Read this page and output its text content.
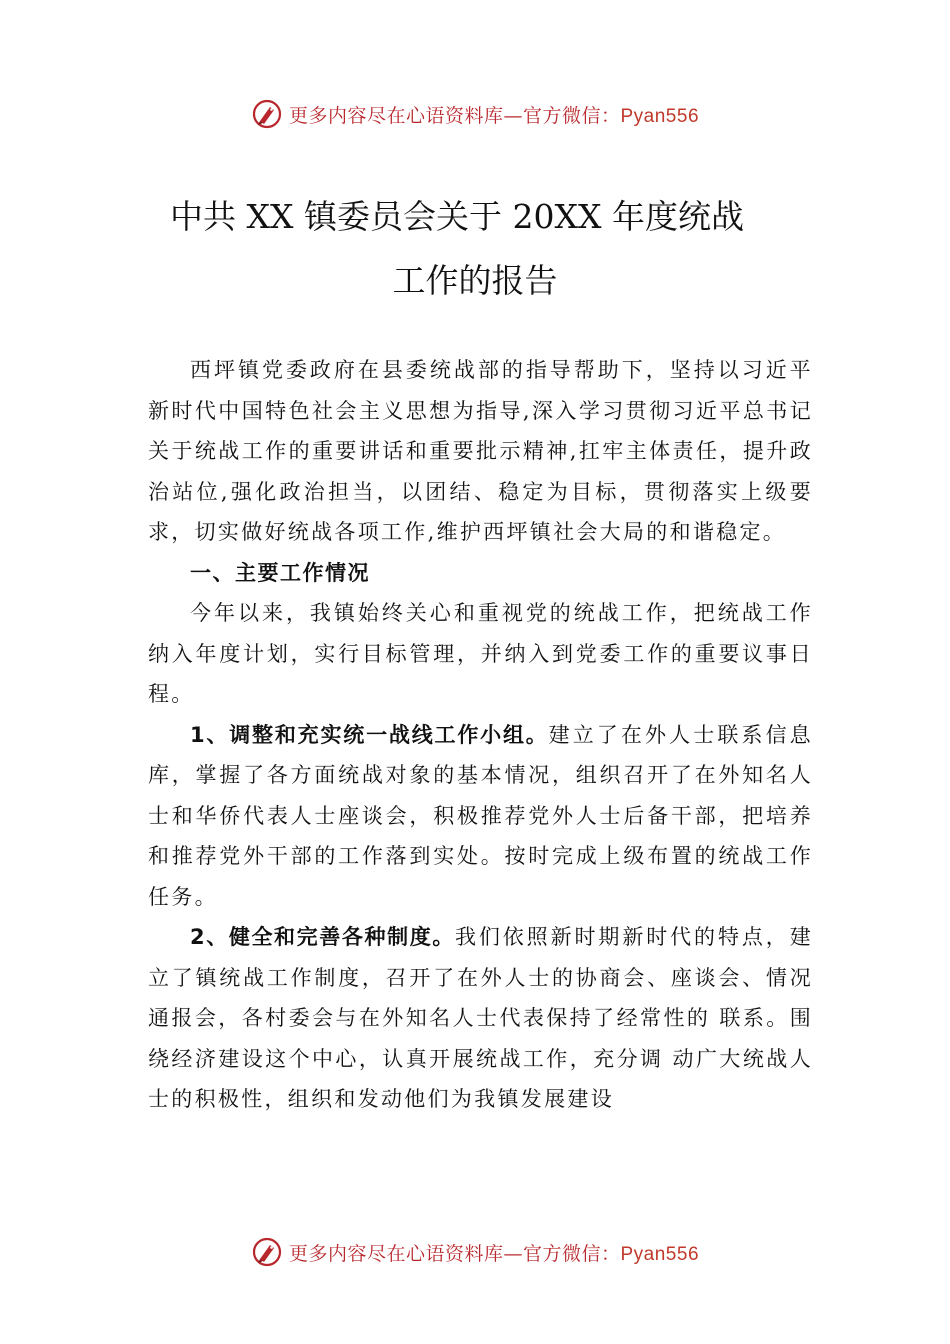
更多内容尽在心语资料库—官方微信：Pyan556
中共 XX 镇委员会关于 20XX 年度统战
工作的报告

西坪镇党委政府在县委统战部的指导帮助下，坚持以习近平新时代中国特色社会主义思想为指导,深入学习贯彻习近平总书记关于统战工作的重要讲话和重要批示精神,扛牢主体责任，提升政治站位,强化政治担当，以团结、稳定为目标，贯彻落实上级要求，切实做好统战各项工作,维护西坪镇社会大局的和谐稳定。

一、主要工作情况

今年以来，我镇始终关心和重视党的统战工作，把统战工作纳入年度计划，实行目标管理，并纳入到党委工作的重要议事日程。

1、调整和充实统一战线工作小组。建立了在外人士联系信息库，掌握了各方面统战对象的基本情况，组织召开了在外知名人士和华侨代表人士座谈会，积极推荐党外人士后备干部，把培养和推荐党外干部的工作落到实处。按时完成上级布置的统战工作任务。

2、健全和完善各种制度。我们依照新时期新时代的特点，建立了镇统战工作制度，召开了在外人士的协商会、座谈会、情况通报会，各村委会与在外知名人士代表保持了经常性的 联系。围绕经济建设这个中心，认真开展统战工作，充分调 动广大统战人士的积极性，组织和发动他们为我镇发展建设

更多内容尽在心语资料库—官方微信：Pyan556
